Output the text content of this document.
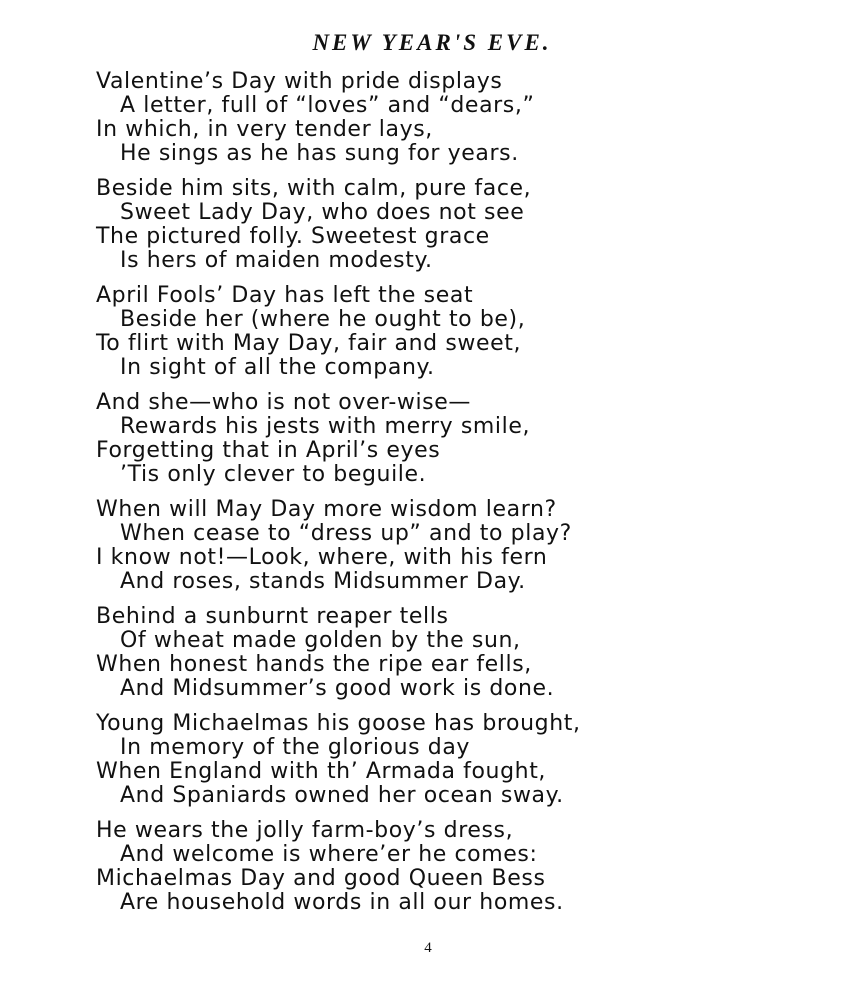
NEW YEAR'S EVE.
Valentine’s Day with pride displays
A letter, full of “loves” and “dears,”
In which, in very tender lays,
He sings as he has sung for years.
Beside him sits, with calm, pure face,
Sweet Lady Day, who does not see
The pictured folly. Sweetest grace
Is hers of maiden modesty.
April Fools’ Day has left the seat
Beside her (where he ought to be),
To flirt with May Day, fair and sweet,
In sight of all the company.
And she—who is not over-wise—
Rewards his jests with merry smile,
Forgetting that in April’s eyes
’Tis only clever to beguile.
When will May Day more wisdom learn?
When cease to “dress up” and to play?
I know not!—Look, where, with his fern
And roses, stands Midsummer Day.
Behind a sunburnt reaper tells
Of wheat made golden by the sun,
When honest hands the ripe ear fells,
And Midsummer’s good work is done.
Young Michaelmas his goose has brought,
In memory of the glorious day
When England with th’ Armada fought,
And Spaniards owned her ocean sway.
He wears the jolly farm-boy’s dress,
And welcome is where’er he comes:
Michaelmas Day and good Queen Bess
Are household words in all our homes.
4
